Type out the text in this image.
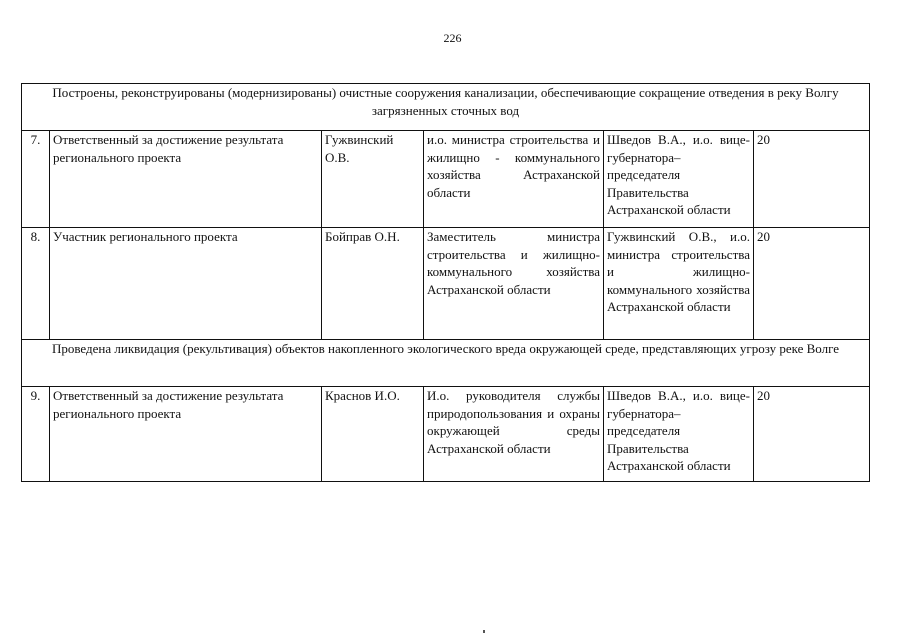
226
Построены, реконструированы (модернизированы) очистные сооружения канализации, обеспечивающие сокращение отведения в реку Волгу загрязненных сточных вод					
7.	Ответственный за достижение результата регионального проекта	Гужвинский О.В.	и.о. министра строительства и жилищно - коммунального хозяйства Астраханской области	Шведов В.А., и.о. вице-губернатора– председателя Правительства Астраханской области	20
8.	Участник регионального проекта	Бойправ О.Н.	Заместитель министра строительства и жилищно-коммунального хозяйства Астраханской области	Гужвинский О.В., и.о. министра строительства и жилищно-коммунального хозяйства Астраханской области	20
Проведена ликвидация (рекультивация) объектов накопленного экологического вреда окружающей среде, представляющих угрозу реке Волге					
9.	Ответственный за достижение результата регионального проекта	Краснов И.О.	И.о. руководителя службы природопользования и охраны окружающей среды Астраханской области	Шведов В.А., и.о. вице-губернатора– председателя Правительства Астраханской области	20
